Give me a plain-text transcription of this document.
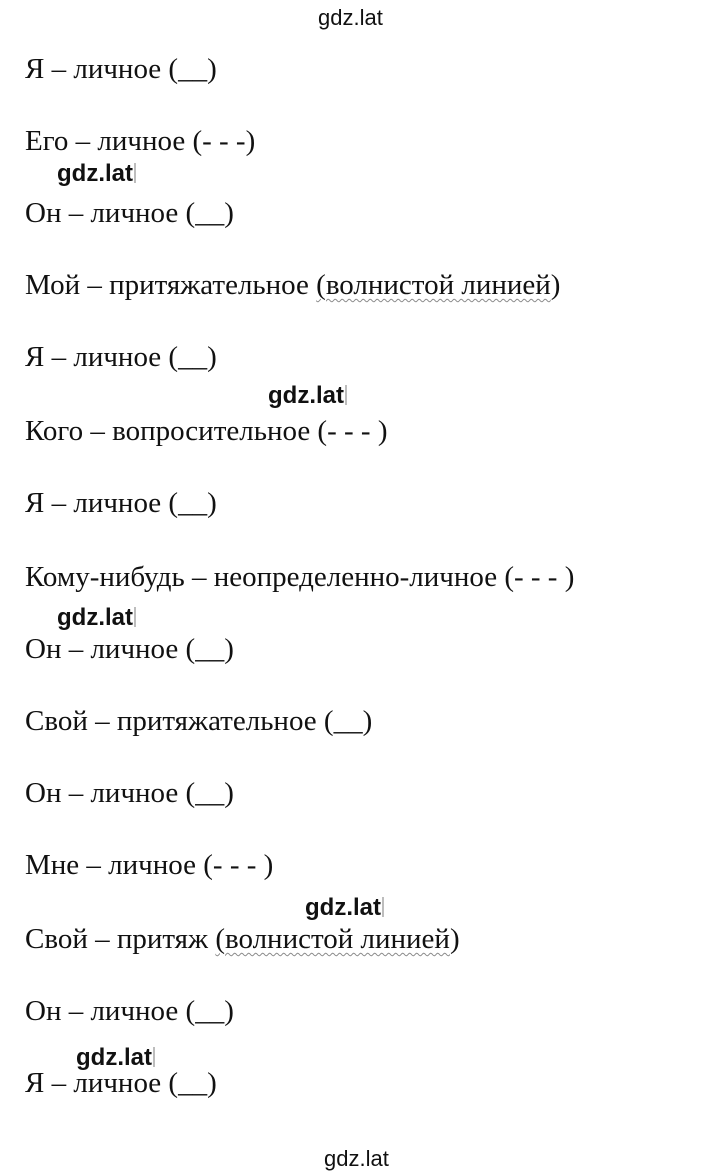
gdz.lat
Я – личное (__)
Его – личное (- - -)
gdz.lat
Он – личное (__)
Мой – притяжательное (волнистой линией)
Я – личное (__)
gdz.lat
Кого – вопросительное (- - - )
Я – личное (__)
Кому-нибудь – неопределенно-личное (- - - )
gdz.lat
Он – личное (__)
Свой – притяжательное (__)
Он – личное (__)
Мне – личное (- - - )
gdz.lat
Свой – притяж (волнистой линией)
Он – личное (__)
Я – личное (__)
gdz.lat
gdz.lat
